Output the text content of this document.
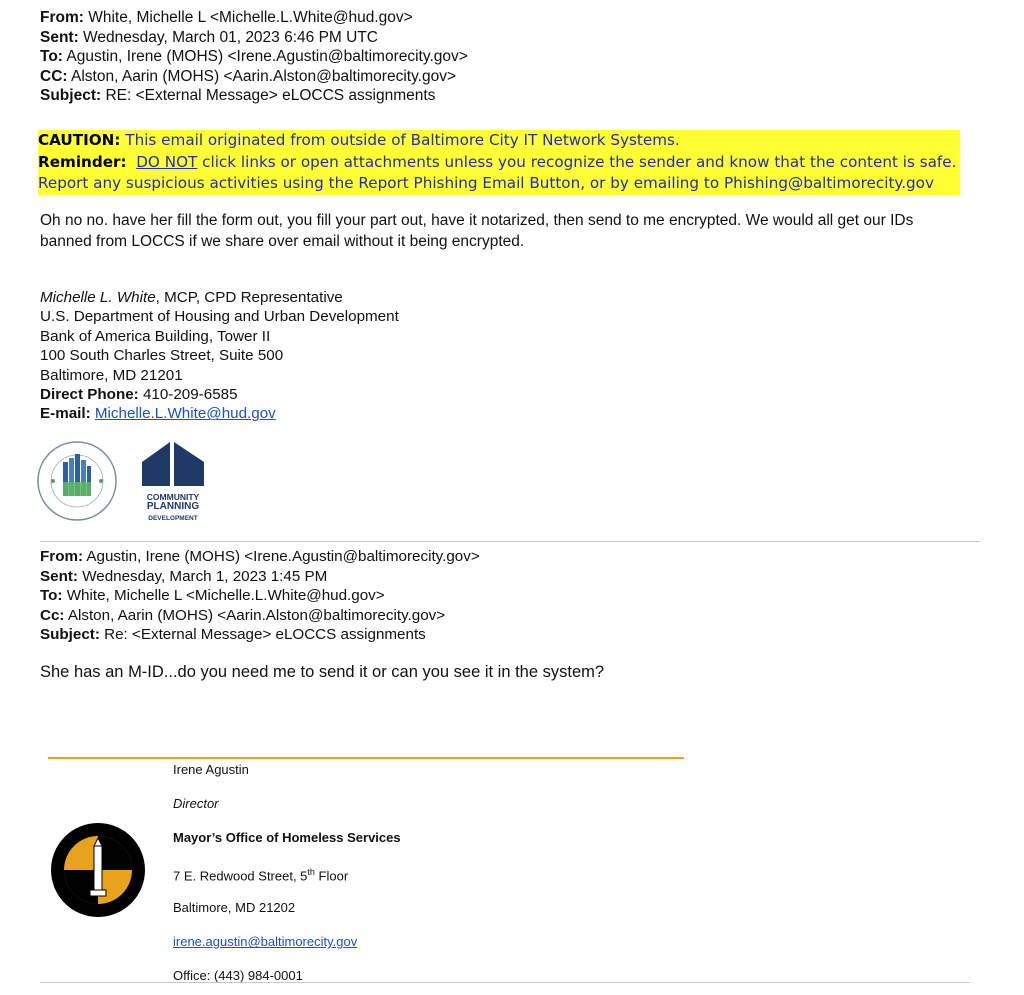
From: White, Michelle L <Michelle.L.White@hud.gov>
Sent: Wednesday, March 01, 2023 6:46 PM UTC
To: Agustin, Irene (MOHS) <Irene.Agustin@baltimorecity.gov>
CC: Alston, Aarin (MOHS) <Aarin.Alston@baltimorecity.gov>
Subject: RE: <External Message> eLOCCS assignments
CAUTION: This email originated from outside of Baltimore City IT Network Systems.
Reminder: DO NOT click links or open attachments unless you recognize the sender and know that the content is safe.
Report any suspicious activities using the Report Phishing Email Button, or by emailing to Phishing@baltimorecity.gov
Oh no no. have her fill the form out, you fill your part out, have it notarized, then send to me encrypted. We would all get our IDs
banned from LOCCS if we share over email without it being encrypted.
Michelle L. White, MCP, CPD Representative
U.S. Department of Housing and Urban Development
Bank of America Building, Tower II
100 South Charles Street, Suite 500
Baltimore, MD 21201
Direct Phone: 410-209-6585
E-mail: Michelle.L.White@hud.gov
COMMUNITY
PLANNING
DEVELOPMENT
From: Agustin, Irene (MOHS) <Irene.Agustin@baltimorecity.gov>
Sent: Wednesday, March 1, 2023 1:45 PM
To: White, Michelle L <Michelle.L.White@hud.gov>
Cc: Alston, Aarin (MOHS) <Aarin.Alston@baltimorecity.gov>
Subject: Re: <External Message> eLOCCS assignments
She has an M-ID...do you need me to send it or can you see it in the system?
Irene Agustin
Director
Mayor’s Office of Homeless Services
7 E. Redwood Street, 5th Floor
Baltimore, MD 21202
irene.agustin@baltimorecity.gov
Office: (443) 984-0001
